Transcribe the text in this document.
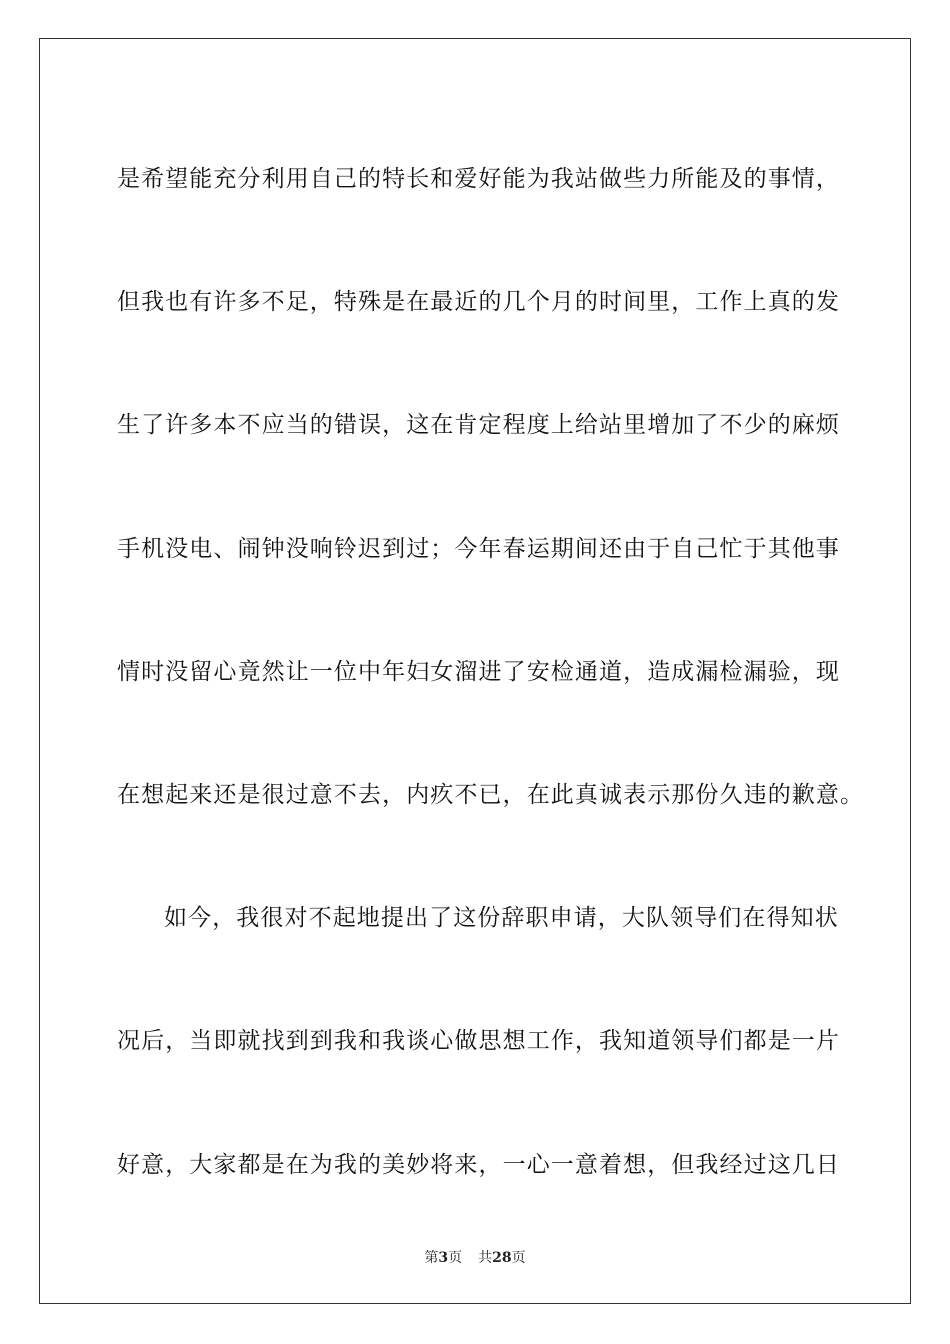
是希望能充分利用自己的特长和爱好能为我站做些力所能及的事情，
但我也有许多不足，特殊是在最近的几个月的时间里，工作上真的发
生了许多本不应当的错误，这在肯定程度上给站里增加了不少的麻烦
手机没电、闹钟没响铃迟到过；今年春运期间还由于自己忙于其他事
情时没留心竟然让一位中年妇女溜进了安检通道，造成漏检漏验，现
在想起来还是很过意不去，内疚不已，在此真诚表示那份久违的歉意。
如今，我很对不起地提出了这份辞职申请，大队领导们在得知状
况后，当即就找到到我和我谈心做思想工作，我知道领导们都是一片
好意，大家都是在为我的美妙将来，一心一意着想，但我经过这几日
第3页 共28页
